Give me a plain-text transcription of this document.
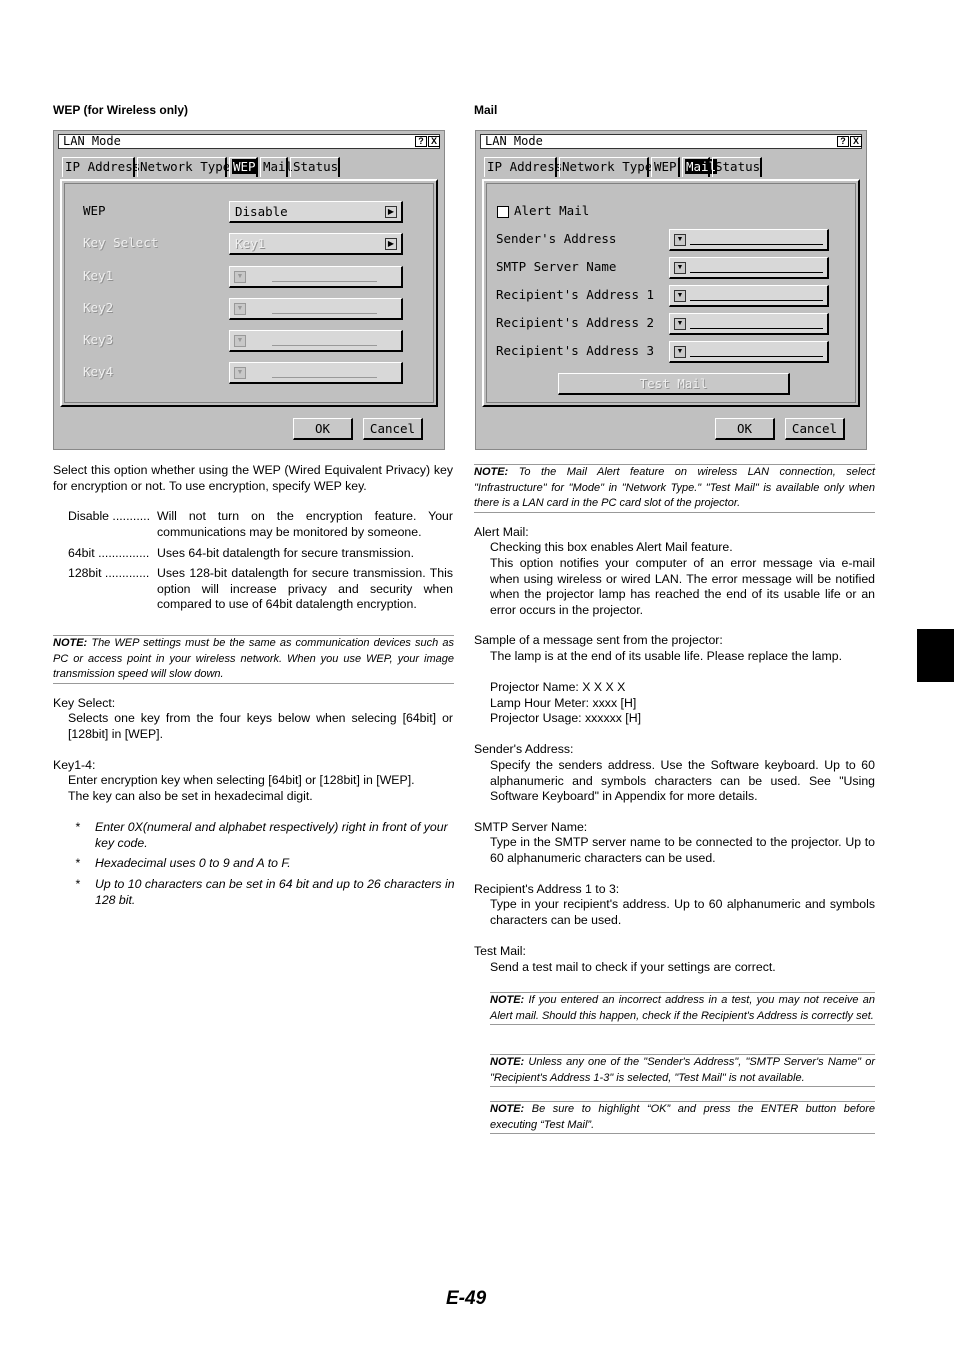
WEP (for Wireless only)
LAN Mode	? X
IP Address Network Type WEP Mail Status
WEP	Disable	▶
Key Select	Key1	▶
Key1	▼
Key2	▼
Key3	▼
Key4	▼
OK	Cancel
Select this option whether using the WEP (Wired Equivalent Privacy) key for encryption or not. To use encryption, specify WEP key.
Disable ........... Will not turn on the encryption feature. Your communications may be monitored by someone.
64bit ............... Uses 64-bit datalength for secure transmission.
128bit ............. Uses 128-bit datalength for secure transmission. This option will increase privacy and security when compared to use of 64bit datalength encryption.
NOTE: The WEP settings must be the same as communication devices such as PC or access point in your wireless network. When you use WEP, your image transmission speed will slow down.
Key Select:
Selects one key from the four keys below when selecing [64bit] or [128bit] in [WEP].
Key1-4:
Enter encryption key when selecting [64bit] or [128bit] in [WEP].
The key can also be set in hexadecimal digit.
* Enter 0X(numeral and alphabet respectively) right in front of your key code.
* Hexadecimal uses 0 to 9 and A to F.
* Up to 10 characters can be set in 64 bit and up to 26 characters in 128 bit.
Mail
LAN Mode	? X
IP Address Network Type WEP Mail
Status
Alert Mail
Sender's Address	▼
SMTP Server Name	▼
Recipient's Address 1	▼
Recipient's Address 2	▼
Recipient's Address 3	▼
Test Mail
OK	Cancel
NOTE: To the Mail Alert feature on wireless LAN connection, select "Infrastructure" for "Mode" in "Network Type." "Test Mail" is available only when there is a LAN card in the PC card slot of the projector.
Alert Mail:
Checking this box enables Alert Mail feature.
This option notifies your computer of an error message via e-mail when using wireless or wired LAN. The error message will be notified when the projector lamp has reached the end of its usable life or an error occurs in the projector.
Sample of a message sent from the projector:
The lamp is at the end of its usable life. Please replace the lamp.
Projector Name: X X X X
Lamp Hour Meter: xxxx [H]
Projector Usage: xxxxxx [H]
Sender's Address:
Specify the senders address. Use the Software keyboard. Up to 60 alphanumeric and symbols characters can be used. See "Using Software Keyboard" in Appendix for more details.
SMTP Server Name:
Type in the SMTP server name to be connected to the projector. Up to 60 alphanumeric characters can be used.
Recipient's Address 1 to 3:
Type in your recipient's address. Up to 60 alphanumeric and symbols characters can be used.
Test Mail:
Send a test mail to check if your settings are correct.
NOTE: If you entered an incorrect address in a test, you may not receive an Alert mail. Should this happen, check if the Recipient's Address is correctly set.
NOTE: Unless any one of the "Sender's Address", "SMTP Server's Name" or "Recipient's Address 1-3" is selected, "Test Mail" is not available.
NOTE: Be sure to highlight “OK” and press the ENTER button before executing “Test Mail”.
E-49
